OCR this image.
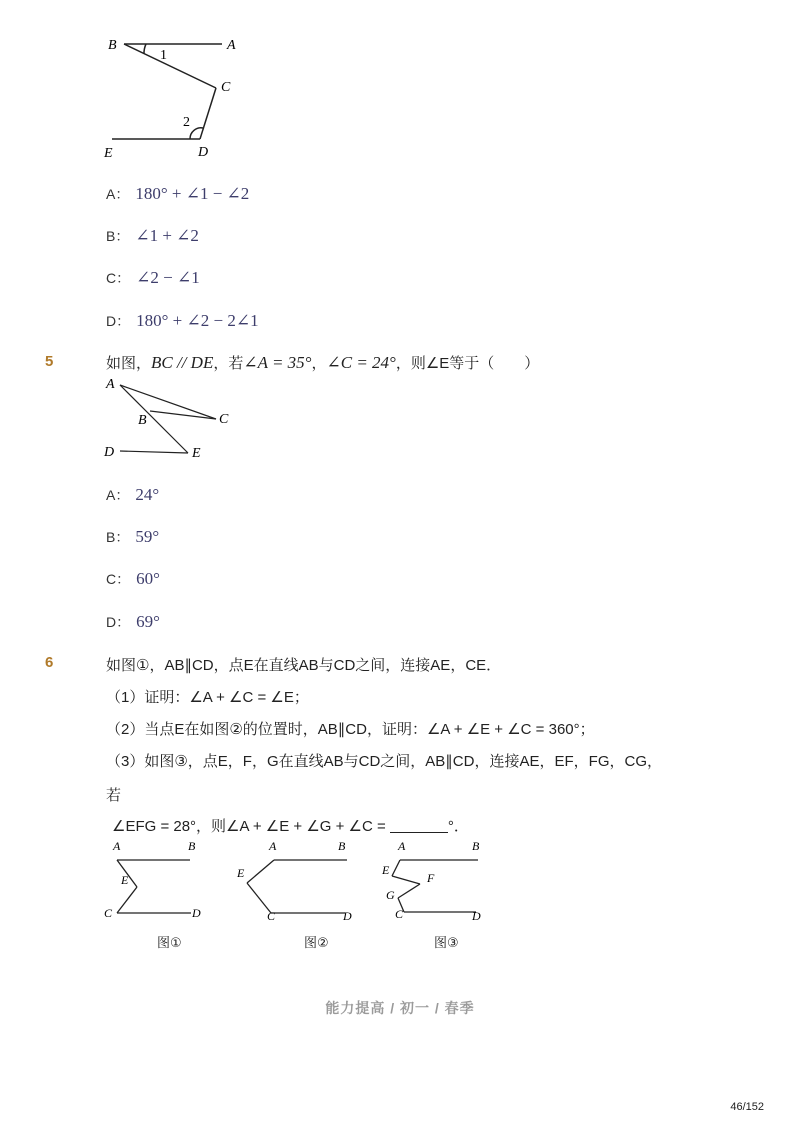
B	A
1
C
2
E	D
A： 180° + ∠1 − ∠2
B： ∠1 + ∠2
C： ∠2 − ∠1
D： 180° + ∠2 − 2∠1
5	如图，BC // DE，若∠A = 35°，∠C = 24°，则∠E等于（　　）
A
B	C
D	E
A： 24°
B： 59°
C： 60°
D： 69°
6	如图①，AB∥CD，点E在直线AB与CD之间，连接AE，CE．
（1）证明：∠A + ∠C = ∠E；
（2）当点E在如图②的位置时，AB∥CD，证明：∠A + ∠E + ∠C = 360°；
（3）如图③，点E，F，G在直线AB与CD之间，AB∥CD，连接AE，EF，FG，CG，
若
∠EFG = 28°，则∠A + ∠E + ∠G + ∠C =	°．
A	B
E
C	D
图①
A	B
E
C	D
图②
A	B
E
F
G
C	D
图③
能力提高 / 初一 / 春季
46/152
